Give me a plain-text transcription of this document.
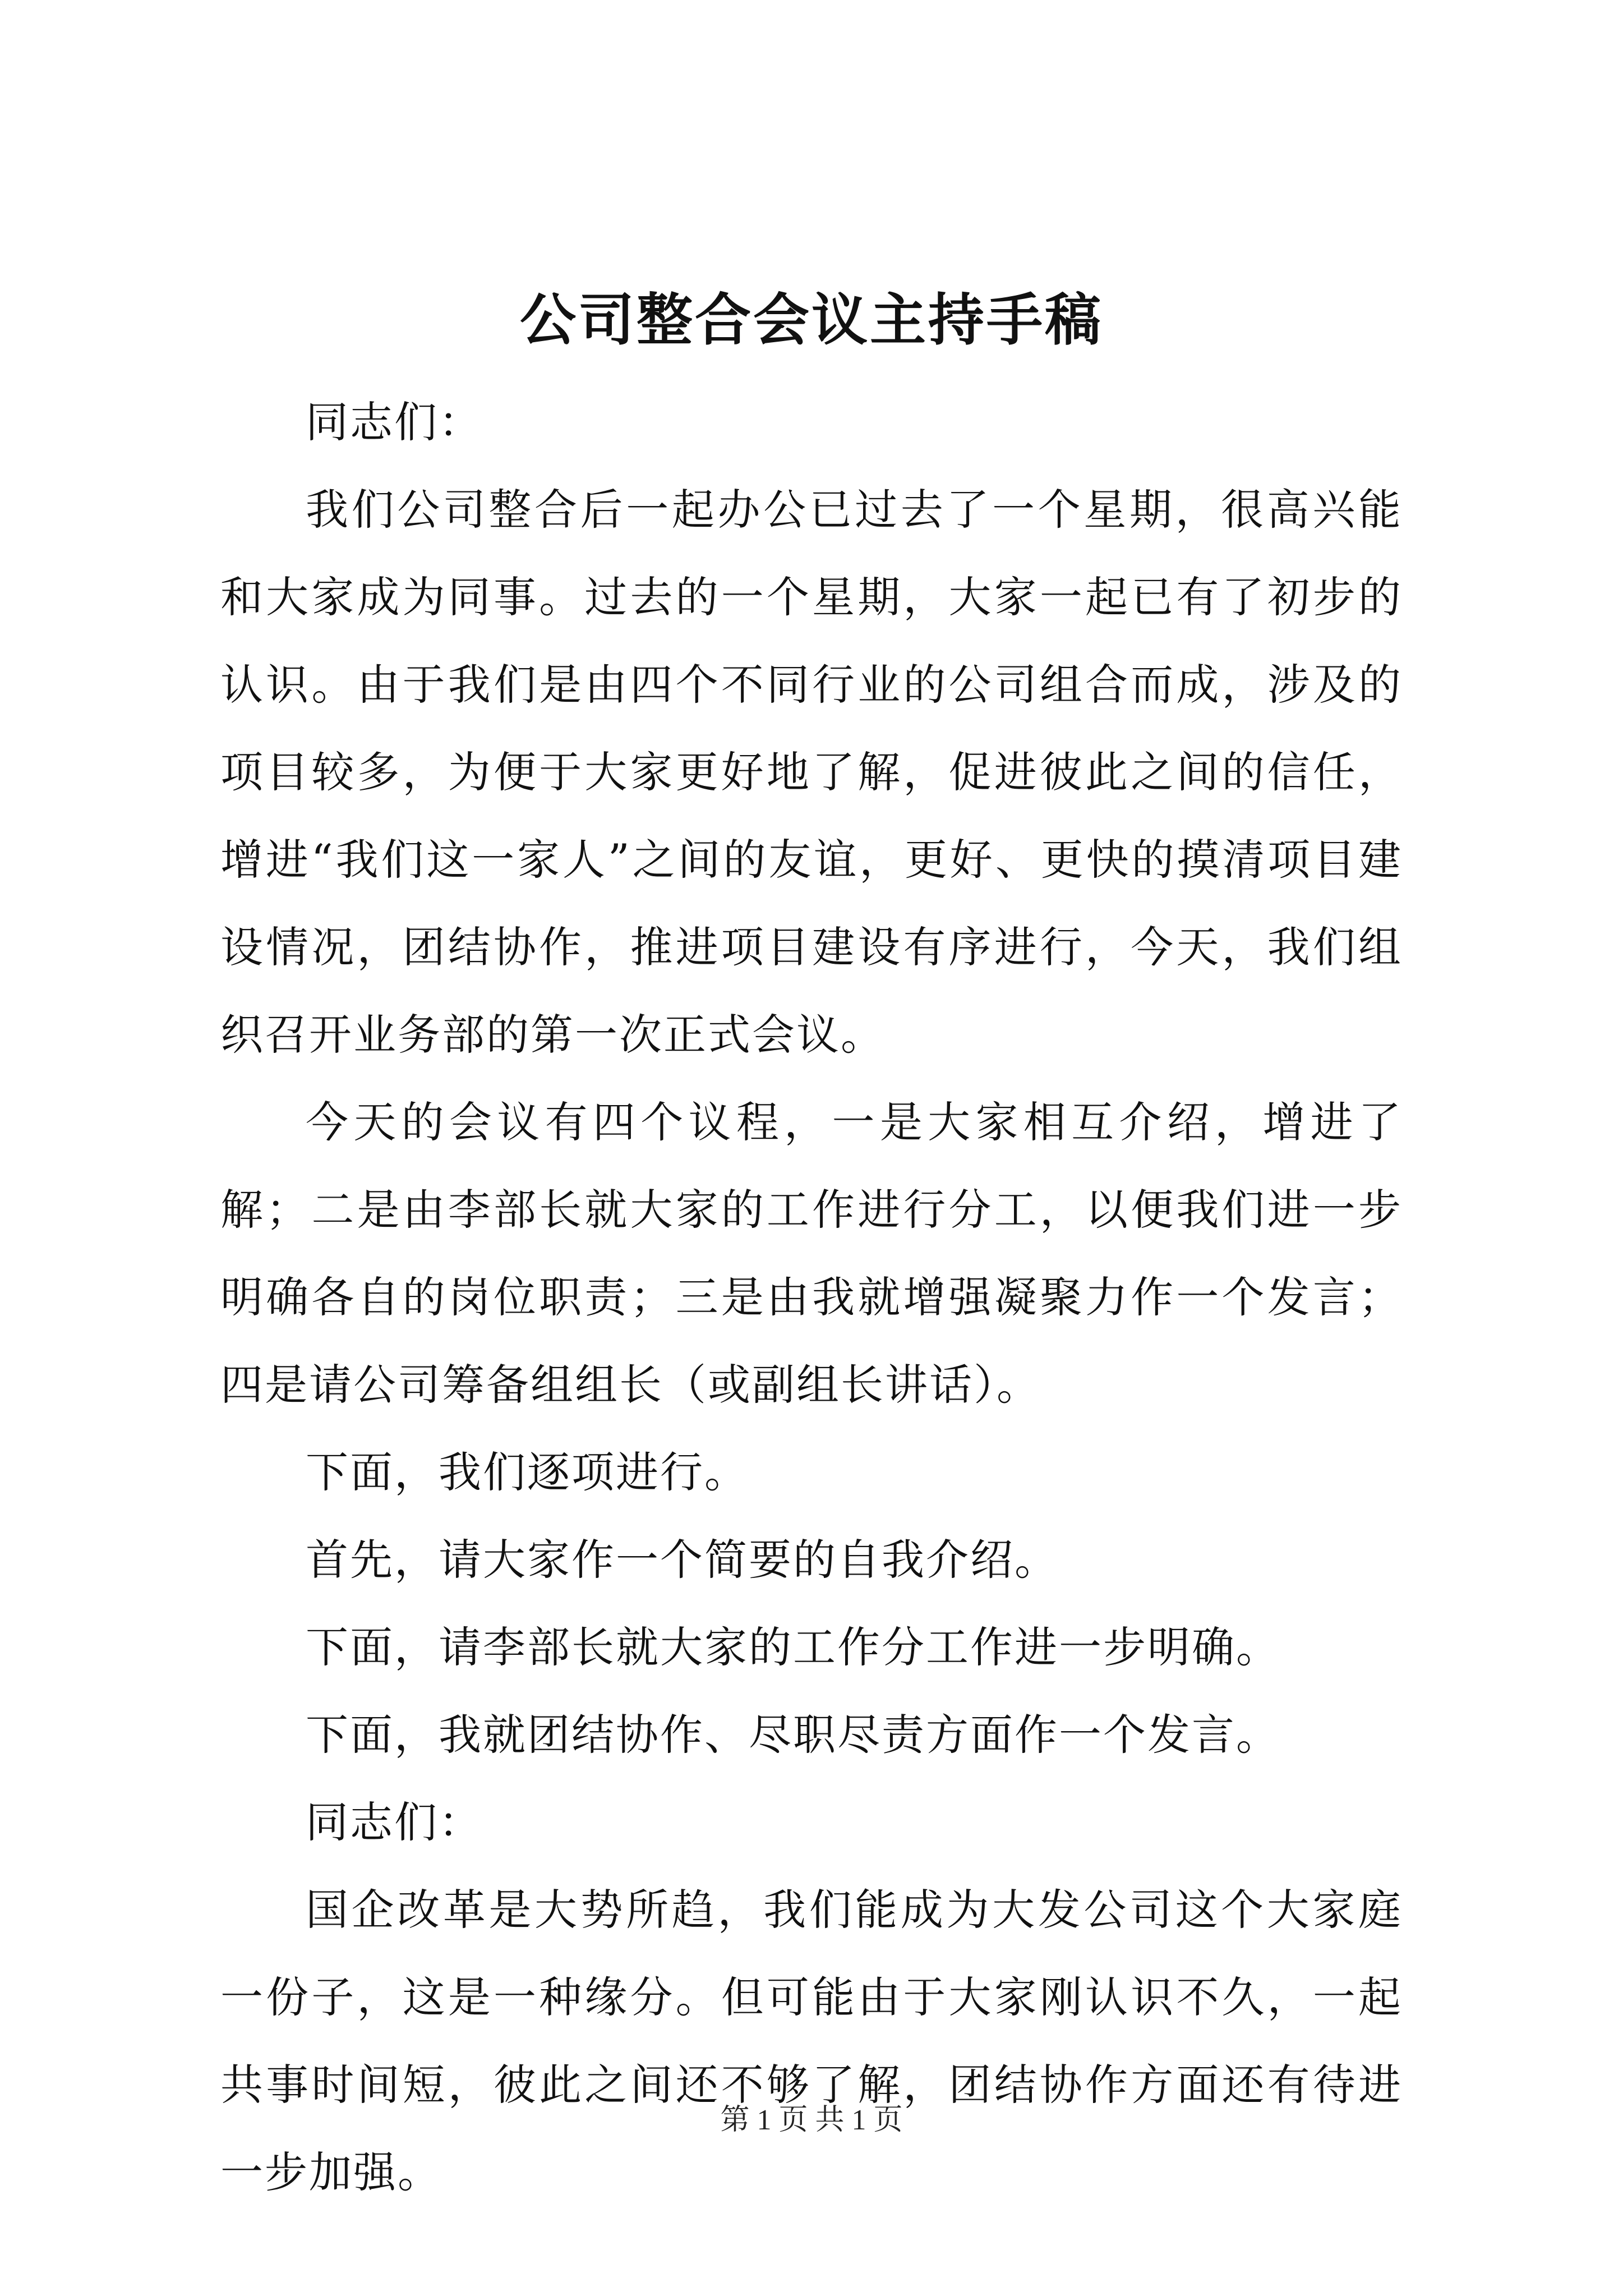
公司整合会议主持手稿

同志们：

我们公司整合后一起办公已过去了一个星期，很高兴能和大家成为同事。过去的一个星期，大家一起已有了初步的认识。由于我们是由四个不同行业的公司组合而成，涉及的项目较多，为便于大家更好地了解，促进彼此之间的信任，增进“我们这一家人”之间的友谊，更好、更快的摸清项目建设情况，团结协作，推进项目建设有序进行，今天，我们组织召开业务部的第一次正式会议。

今天的会议有四个议程，一是大家相互介绍，增进了解；二是由李部长就大家的工作进行分工，以便我们进一步明确各自的岗位职责；三是由我就增强凝聚力作一个发言；四是请公司筹备组组长（或副组长讲话）。

下面，我们逐项进行。

首先，请大家作一个简要的自我介绍。

下面，请李部长就大家的工作分工作进一步明确。

下面，我就团结协作、尽职尽责方面作一个发言。

同志们：

国企改革是大势所趋，我们能成为大发公司这个大家庭一份子，这是一种缘分。但可能由于大家刚认识不久，一起共事时间短，彼此之间还不够了解，团结协作方面还有待进一步加强。

第 1 页 共 1 页
